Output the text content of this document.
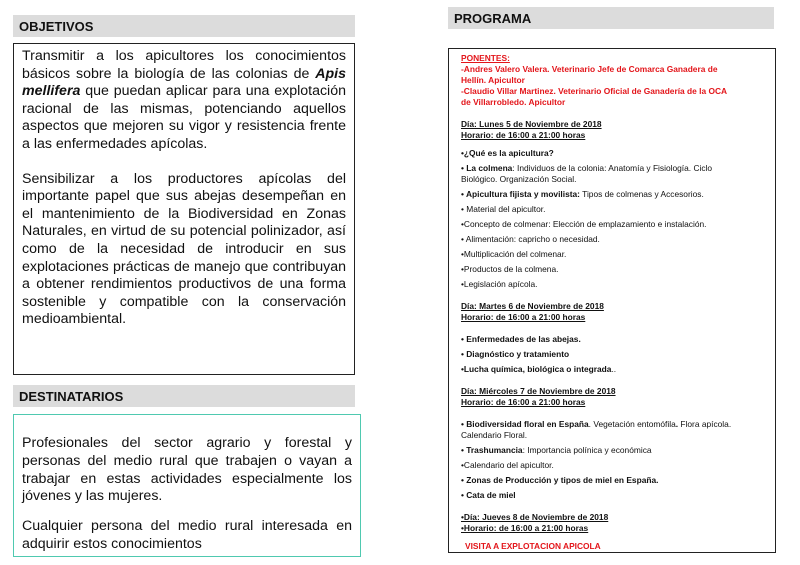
OBJETIVOS

Transmitir a los apicultores los conocimientos básicos sobre la biología de las colonias de Apis mellifera que puedan aplicar para una explotación racional de las mismas, potenciando aquellos aspectos que mejoren su vigor y resistencia frente a las enfermedades apícolas.

Sensibilizar a los productores apícolas del importante papel que sus abejas desempeñan en el mantenimiento de la Biodiversidad en Zonas Naturales, en virtud de su potencial polinizador, así como de la necesidad de introducir en sus explotaciones prácticas de manejo que contribuyan a obtener rendimientos productivos de una forma sostenible y compatible con la conservación medioambiental.

DESTINATARIOS

Profesionales del sector agrario y forestal y personas del medio rural que trabajen o vayan a trabajar en estas actividades especialmente los jóvenes y las mujeres.

Cualquier persona del medio rural interesada en adquirir estos conocimientos

PROGRAMA
PONENTES:
-Andres Valero Valera. Veterinario Jefe de Comarca Ganadera de
Hellín. Apicultor
-Claudio Villar Martinez. Veterinario Oficial de Ganadería de la OCA
de Villarrobledo. Apicultor
Día: Lunes 5 de Noviembre de 2018
Horario: de 16:00 a 21:00 horas
•¿Qué es la apicultura?
• La colmena: Individuos de la colonia: Anatomía y Fisiología. Ciclo
Biológico. Organización Social.
• Apicultura fijista y movilista: Tipos de colmenas y Accesorios.
• Material del apicultor.
•Concepto de colmenar: Elección de emplazamiento e instalación.
• Alimentación: capricho o necesidad.
•Multiplicación del colmenar.
•Productos de la colmena.
•Legislación apícola.
Día: Martes 6 de Noviembre de 2018
Horario: de 16:00 a 21:00 horas
• Enfermedades de las abejas.
• Diagnóstico y tratamiento
•Lucha química, biológica o integrada..
Día: Miércoles 7 de Noviembre de 2018
Horario: de 16:00 a 21:00 horas
• Biodiversidad floral en España. Vegetación entomófila. Flora apícola.
Calendario Floral.
• Trashumancia: Importancia polínica y económica
•Calendario del apicultor.
• Zonas de Producción y tipos de miel en España.
• Cata de miel
•Día: Jueves 8 de Noviembre de 2018
•Horario: de 16:00 a 21:00 horas
VISITA A EXPLOTACION APICOLA
